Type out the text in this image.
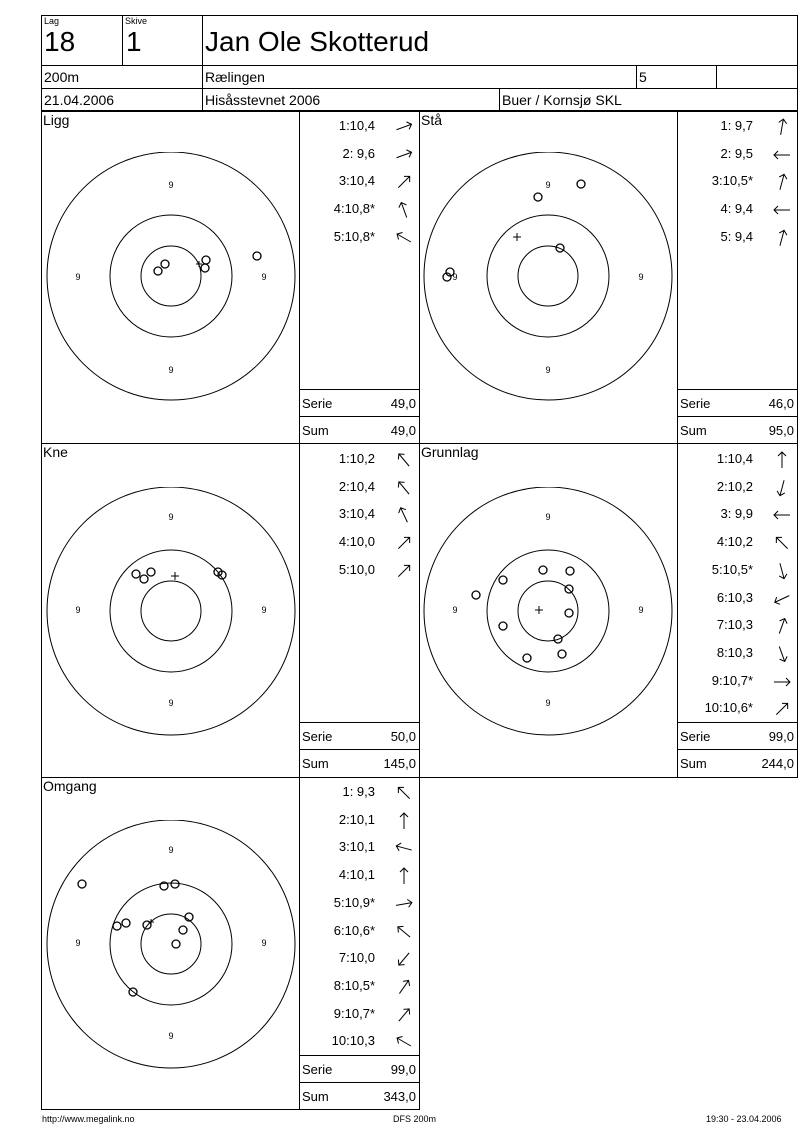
Lag
18
Skive
1 Jan Ole Skotterud
200m	Rælingen	5
21.04.2006	Hisåsstevnet 2006	Buer / Kornsjø SKL
Ligg	Stå
Kne	Grunnlag
Omgang
9
9
9	9
9
9
9	9
9
9
9	9
9
9
9	9
9
9
9	9
1:10,4
2: 9,6
3:10,4
4:10,8*
5:10,8*
1: 9,7
2: 9,5
3:10,5*
4: 9,4
5: 9,4
1:10,2
2:10,4
3:10,4
4:10,0
5:10,0
1:10,4
2:10,2
3: 9,9
4:10,2
5:10,5*
6:10,3
7:10,3
8:10,3
9:10,7*
10:10,6*
1: 9,3
2:10,1
3:10,1
4:10,1
5:10,9*
6:10,6*
7:10,0
8:10,5*
9:10,7*
10:10,3
Serie	49,0
Sum	49,0
Serie	46,0
Sum	95,0
Serie	50,0
Sum	145,0
Serie	99,0
Sum	244,0
Serie	99,0
Sum	343,0
http://www.megalink.no	DFS 200m	19:30 - 23.04.2006
